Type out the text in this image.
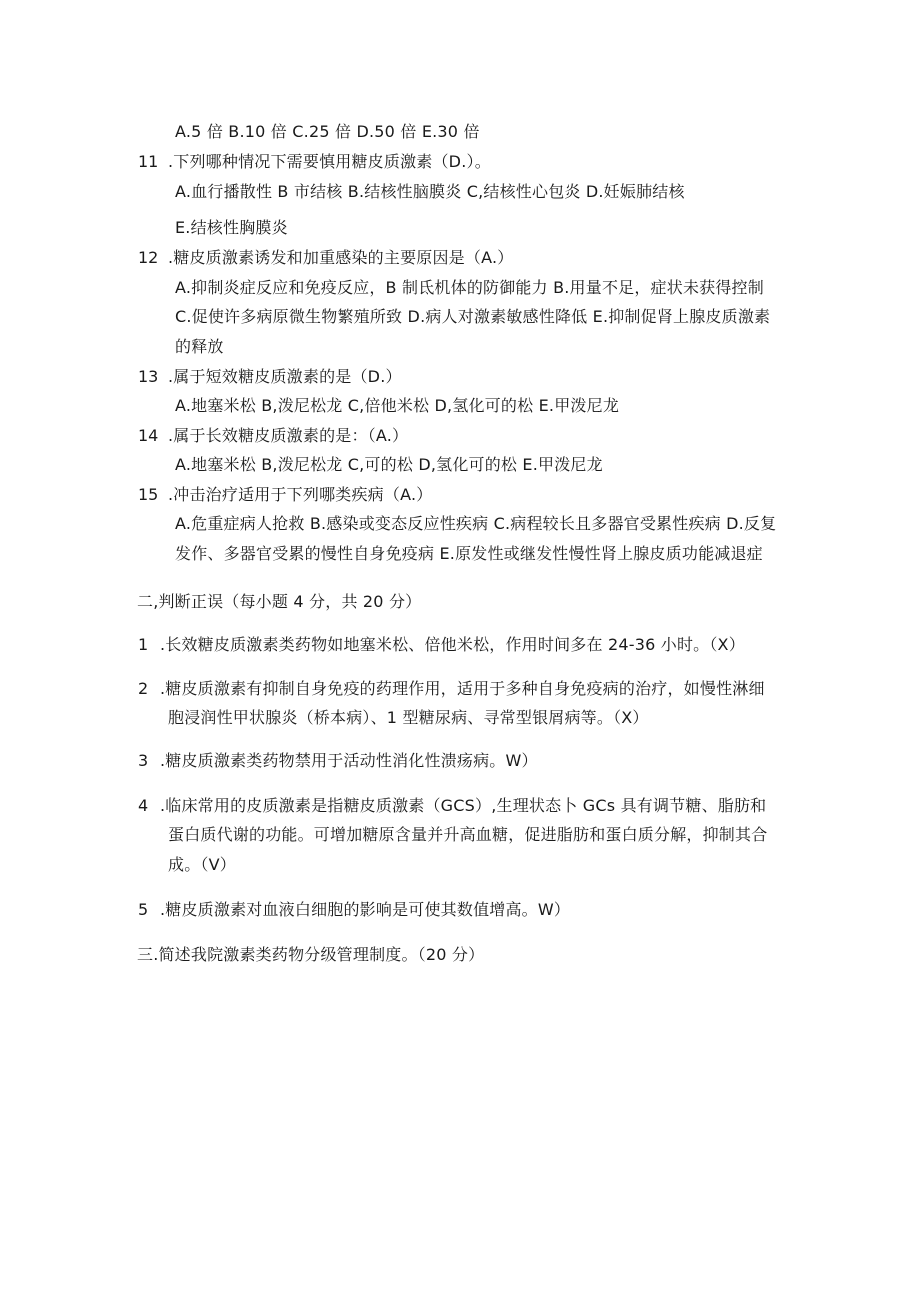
A.5 倍 B.10 倍 C.25 倍 D.50 倍 E.30 倍
11 .下列哪种情况下需要慎用糖皮质激素（D.）。
A.血行播散性 B 市结核 B.结核性脑膜炎 C,结核性心包炎 D.妊娠肺结核
E.结核性胸膜炎
12 .糖皮质激素诱发和加重感染的主要原因是（A.）
A.抑制炎症反应和免疫反应，B 制氐机体的防御能力 B.用量不足，症状未获得控制
C.促使许多病原微生物繁殖所致 D.病人对激素敏感性降低 E.抑制促肾上腺皮质激素
的释放
13 .属于短效糖皮质激素的是（D.）
A.地塞米松 B,泼尼松龙 C,倍他米松 D,氢化可的松 E.甲泼尼龙
14 .属于长效糖皮质激素的是：（A.）
A.地塞米松 B,泼尼松龙 C,可的松 D,氢化可的松 E.甲泼尼龙
15 .冲击治疗适用于下列哪类疾病（A.）
A.危重症病人抢救 B.感染或变态反应性疾病 C.病程较长且多器官受累性疾病 D.反复
发作、多器官受累的慢性自身免疫病 E.原发性或继发性慢性肾上腺皮质功能减退症
二,判断正误（每小题 4 分，共 20 分）
1 .长效糖皮质激素类药物如地塞米松、倍他米松，作用时间多在 24-36 小时。（X）
2 .糖皮质激素有抑制自身免疫的药理作用，适用于多种自身免疫病的治疗，如慢性淋细
胞浸润性甲状腺炎（桥本病）、1 型糖尿病、寻常型银屑病等。（X）
3 .糖皮质激素类药物禁用于活动性消化性溃疡病。W）
4 .临床常用的皮质激素是指糖皮质激素（GCS）,生理状态卜 GCs 具有调节糖、脂肪和
蛋白质代谢的功能。可增加糖原含量并升高血糖，促进脂肪和蛋白质分解，抑制其合
成。（V）
5 .糖皮质激素对血液白细胞的影响是可使其数值增高。W）
三.简述我院激素类药物分级管理制度。（20 分）
